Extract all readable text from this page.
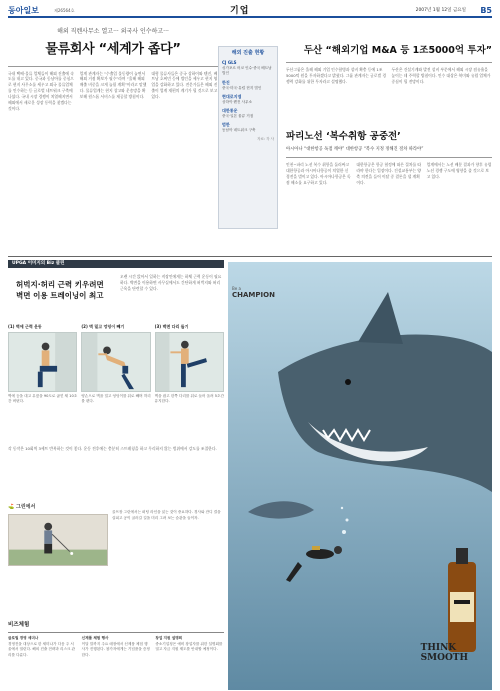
동아일보	제26564호	기업	2007년 1월 12일 금요일 B5
해외 직렌사무소 열고··· 외국사 인수하고···
물류회사 “세계가 좁다”
국내 택배·물류 업체들이 해외 진출에 속도를 내고 있다. 중국과 동남아를 중심으로 현지 사무소를 세우고 외국 물류업체를 인수하는 등 글로벌 네트워크 구축에 나섰다. 국내 시장 경쟁이 치열해지면서 해외에서 새로운 성장 동력을 찾겠다는 것이다.
업계 관계자는 “수출입 물동량이 늘면서 해외 거점 확보가 필수”라며 “올해 해외 매출 비중을 크게 늘릴 계획”이라고 말했다. 물류업계는 현지 창고와 운송망을 확보해 원스톱 서비스를 제공할 방침이다.
대형 물류사들은 중국 상하이와 톈진, 베트남 호찌민 등에 법인을 세우고 현지 영업을 강화하고 있다. 전문가들은 해외 진출이 업계 재편의 계기가 될 것으로 보고 있다.
해외 진출 현황
CJ GLS
싱가포르 어코 인수·중국 베트남 법인
한진
중국·미국·유럽 현지 법인
현대로지엠
상하이·톈진 사무소
대한통운
중국·일본 물류 거점
범한
동남아 네트워크 구축
자료: 각 사
두산 “해외기업 M&A 등 1조5000억 투자”
두산그룹은 올해 해외 기업 인수합병과 설비 확충 등에 1조5000억 원을 투자하겠다고 밝혔다. 그룹 관계자는 글로벌 경쟁력 강화를 위한 투자라고 설명했다.
두산은 건설기계와 발전 설비 부문에서 해외 시장 점유율을 높이는 데 주력할 방침이다. 인수 대상은 북미와 유럽 업체가 중심이 될 전망이다.
파리노선 ‘복수취항 공중전’
아시아나 “대한항공 독점 깨야” 대한항공 “복수 지정 정해진 절차 따라야”
인천∼파리 노선 복수 취항을 둘러싸고 대한항공과 아시아나항공이 치열한 신경전을 벌이고 있다. 아시아나항공은 독점 해소를 요구하고 있다.
대한항공은 항공 협정에 따른 절차를 따라야 한다는 입장이다. 건설교통부는 양측 의견을 들어 이달 중 결론을 낼 계획이다.
업계에서는 노선 배분 결과가 향후 유럽 노선 경쟁 구도에 영향을 줄 것으로 보고 있다.
UPGA 이미지의 Biz 클린
허벅지·허리 근력 키우려면
벽면 이용 트레이닝이 최고
오랜 시간 앉아서 일하는 직장인에게는 하체 근력 운동이 필요하다. 벽면을 이용하면 사무실에서도 간단하게 허벅지와 허리 근육을 단련할 수 있다.
(1) 벽에 근력 운동
벽에 등을 대고 무릎을 90도로 굽힌 채 10초간 버틴다.
(2) 벽 밀고 엉덩이 빼기
양손으로 벽을 밀고 엉덩이를 뒤로 빼며 허리를 편다.
(3) 벽면 다리 들기
벽을 잡고 한쪽 다리를 뒤로 들어 올려 5초간 유지한다.
각 동작은 10회씩 3세트 반복하는 것이 좋다. 운동 전후에는 충분히 스트레칭을 하고 무리하지 않는 범위에서 강도를 조절한다.
⛳ 그린에서
골프장 그린에서는 퍼팅 라인을 읽는 것이 중요하다. 경사와 잔디 결을 살피고 공이 굴러갈 길을 미리 그려 보는 습관을 들이자.
비즈체험
글로벌 경영 세미나
경영진을 대상으로 한 세미나가 다음 주 서울에서 열린다. 해외 진출 전략과 리스크 관리를 다룬다.
신제품 체험 행사
이달 말까지 주요 매장에서 신제품 체험 행사가 진행된다. 참가자에게는 기념품을 증정한다.
창업 지원 설명회
중소기업청은 예비 창업자를 위한 설명회를 열고 자금 지원 제도를 안내할 예정이다.
Be a
CHAMPION
THINK
SMOOTH
